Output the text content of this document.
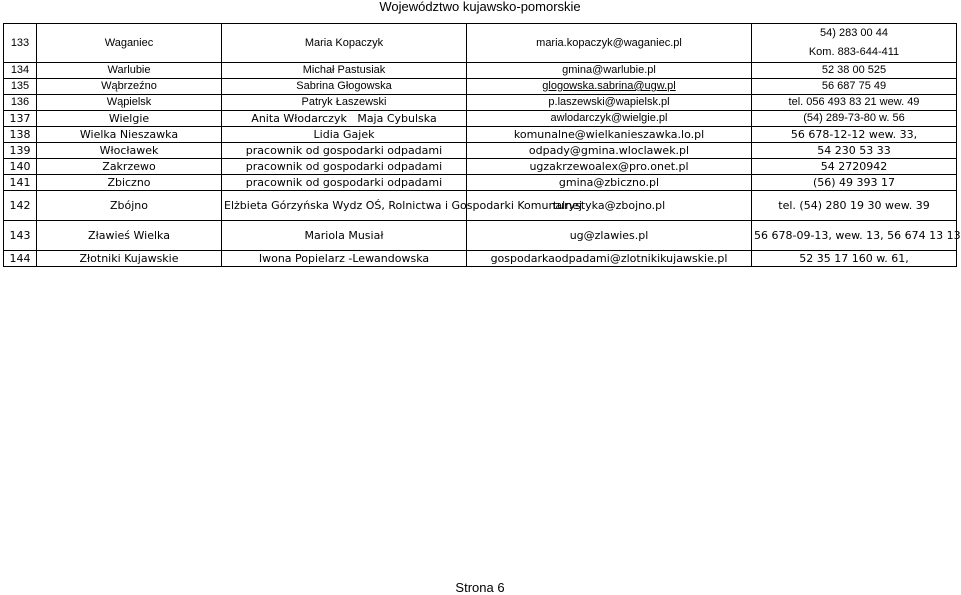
Województwo kujawsko-pomorskie
133	Waganiec	Maria Kopaczyk	maria.kopaczyk@waganiec.pl	54) 283 00 44
Kom. 883-644-411

134	Warlubie	Michał Pastusiak	gmina@warlubie.pl	52 38 00 525
135	Wąbrzeźno	Sabrina Głogowska	glogowska.sabrina@ugw.pl	56 687 75 49
136	Wąpielsk	Patryk Łaszewski	p.laszewski@wapielsk.pl	tel. 056 493 83 21 wew. 49
137	Wielgie	Anita Włodarczyk   Maja Cybulska	awlodarczyk@wielgie.pl	(54) 289-73-80 w. 56
138	Wielka Nieszawka	Lidia Gajek	komunalne@wielkanieszawka.lo.pl	56 678-12-12 wew. 33,
139	Włocławek	pracownik od gospodarki odpadami	odpady@gmina.wloclawek.pl	54 230 53 33
140	Zakrzewo	pracownik od gospodarki odpadami	ugzakrzewoalex@pro.onet.pl	54 2720942
141	Zbiczno	pracownik od gospodarki odpadami	gmina@zbiczno.pl	(56) 49 393 17
142	Zbójno	Elżbieta Górzyńska Wydz OŚ, Rolnictwa i Gospodarki Komunalnej	turystyka@zbojno.pl	tel. (54) 280 19 30 wew. 39
143	Zławieś Wielka	Mariola Musiał	ug@zlawies.pl	56 678-09-13, wew. 13, 56 674 13 13
144	Złotniki Kujawskie	Iwona Popielarz -Lewandowska	gospodarkaodpadami@zlotnikikujawskie.pl	52 35 17 160 w. 61,
Strona 6
